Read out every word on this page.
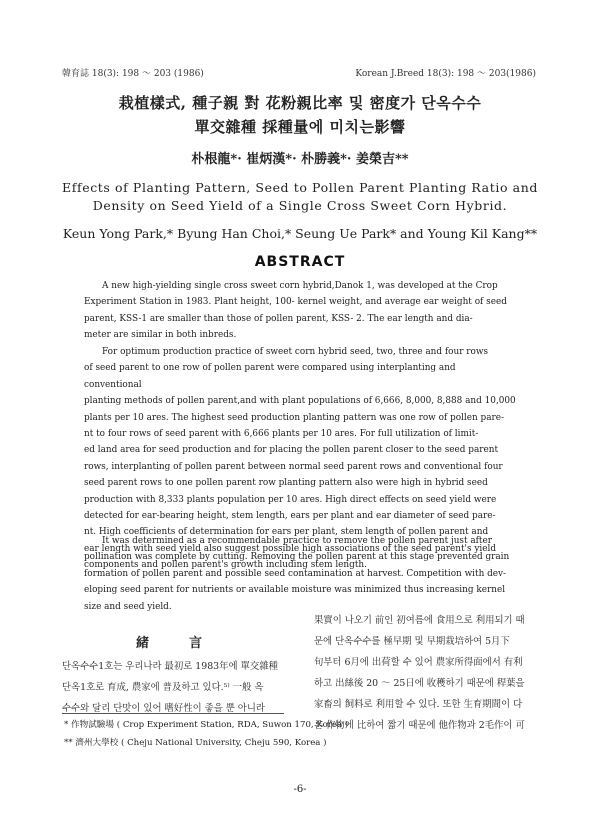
韓育誌 18(3): 198 ～ 203 (1986)	Korean J.Breed 18(3): 198 ～ 203(1986)
栽植樣式, 種子親 對 花粉親比率 및 密度가 단옥수수
單交雜種 採種量에 미치는影響
朴根龍*· 崔炳漢*· 朴勝義*· 姜榮吉**
Effects of Planting Pattern, Seed to Pollen Parent Planting Ratio and
Density on Seed Yield of a Single Cross Sweet Corn Hybrid.
Keun Yong Park,* Byung Han Choi,* Seung Ue Park* and Young Kil Kang**
ABSTRACT
A new high-yielding single cross sweet corn hybrid,Danok 1, was developed at the Crop
Experiment Station in 1983. Plant height, 100- kernel weight, and average ear weight of seed
parent, KSS-1 are smaller than those of pollen parent, KSS- 2. The ear length and dia-
meter are similar in both inbreds.
For optimum production practice of sweet corn hybrid seed, two, three and four rows
of seed parent to one row of pollen parent were compared using interplanting and conventional
planting methods of pollen parent,and with plant populations of 6,666, 8,000, 8,888 and 10,000
plants per 10 ares. The highest seed production planting pattern was one row of pollen pare-
nt to four rows of seed parent with 6,666 plants per 10 ares. For full utilization of limit-
ed land area for seed production and for placing the pollen parent closer to the seed parent
rows, interplanting of pollen parent between normal seed parent rows and conventional four
seed parent rows to one pollen parent row planting pattern also were high in hybrid seed
production with 8,333 plants population per 10 ares. High direct effects on seed yield were
detected for ear-bearing height, stem length, ears per plant and ear diameter of seed pare-
nt. High coefficients of determination for ears per plant, stem length of pollen parent and
ear length with seed yield also suggest possible high associations of the seed parent's yield
components and pollen parent's growth including stem length.
It was determined as a recommendable practice to remove the pollen parent just after
pollination was complete by cutting. Removing the pollen parent at this stage prevented grain
formation of pollen parent and possible seed contamination at harvest. Competition with dev-
eloping seed parent for nutrients or available moisture was minimized thus increasing kernel
size and seed yield.
緒言
단옥수수1호는 우리나라 最初로 1983年에 單交雜種
단옥1호로 育成, 農家에 普及하고 있다.⁵⁾ 一般 옥
수수와 달리 단맛이 있어 嗜好性이 좋을 뿐 아니라
果實이 나오기 前인 初여름에 食用으로 利用되기 때
문에 단옥수수를 極早期 및 早期栽培하여 5月下
旬부터 6月에 出荷할 수 있어 農家所得面에서 有利
하고 出絲後 20 ～ 25日에 收穫하기 때문에 稈葉을
家畜의 飼料로 利用할 수 있다. 또한 生育期間이 다
른 作物에 比하여 짧기 때문에 他作物과 2毛作이 可
* 作物試驗場 ( Crop Experiment Station, RDA, Suwon 170, Korea )
** 濟州大學校 ( Cheju National University, Cheju 590, Korea )
-6-
